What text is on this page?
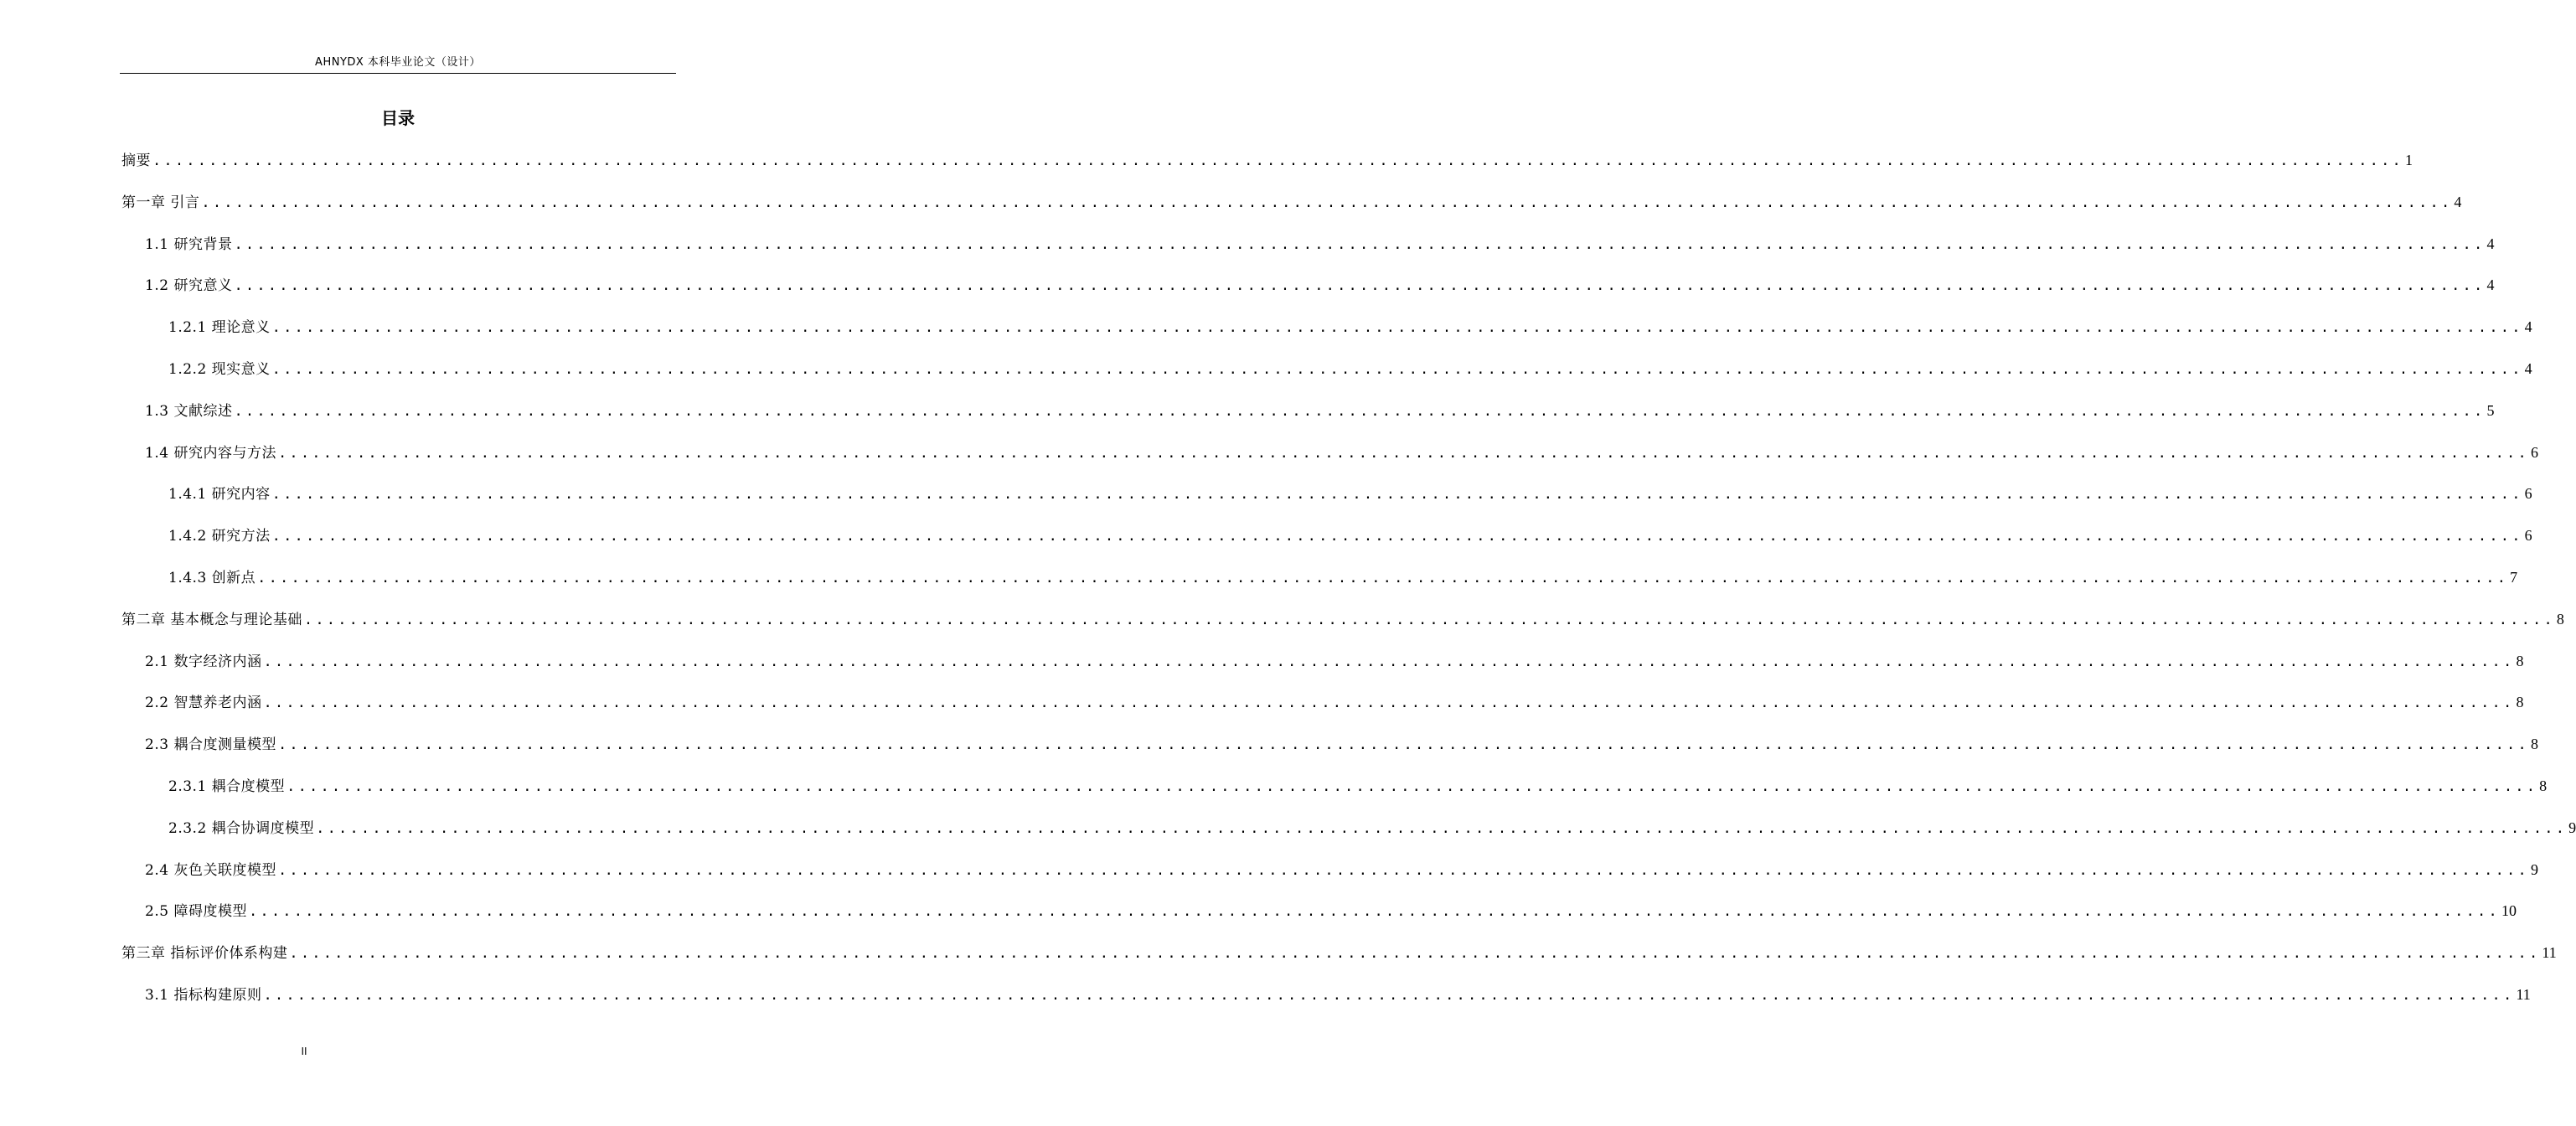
AHNYDX 本科毕业论文（设计）
目录
摘要 ........................................................................................................................................................................................................ 1
第一章 引言 ........................................................................................................................................................................................................ 4
1.1 研究背景 ........................................................................................................................................................................................................ 4
1.2 研究意义 ........................................................................................................................................................................................................ 4
1.2.1 理论意义 ........................................................................................................................................................................................................ 4
1.2.2 现实意义 ........................................................................................................................................................................................................ 4
1.3 文献综述 ........................................................................................................................................................................................................ 5
1.4 研究内容与方法 ........................................................................................................................................................................................................ 6
1.4.1 研究内容 ........................................................................................................................................................................................................ 6
1.4.2 研究方法 ........................................................................................................................................................................................................ 6
1.4.3 创新点 ........................................................................................................................................................................................................ 7
第二章 基本概念与理论基础 ........................................................................................................................................................................................................ 8
2.1 数字经济内涵 ........................................................................................................................................................................................................ 8
2.2 智慧养老内涵 ........................................................................................................................................................................................................ 8
2.3 耦合度测量模型 ........................................................................................................................................................................................................ 8
2.3.1 耦合度模型 ........................................................................................................................................................................................................ 8
2.3.2 耦合协调度模型 ........................................................................................................................................................................................................ 9
2.4 灰色关联度模型 ........................................................................................................................................................................................................ 9
2.5 障碍度模型 ........................................................................................................................................................................................................ 10
第三章 指标评价体系构建 ........................................................................................................................................................................................................ 11
3.1 指标构建原则 ........................................................................................................................................................................................................ 11
II
